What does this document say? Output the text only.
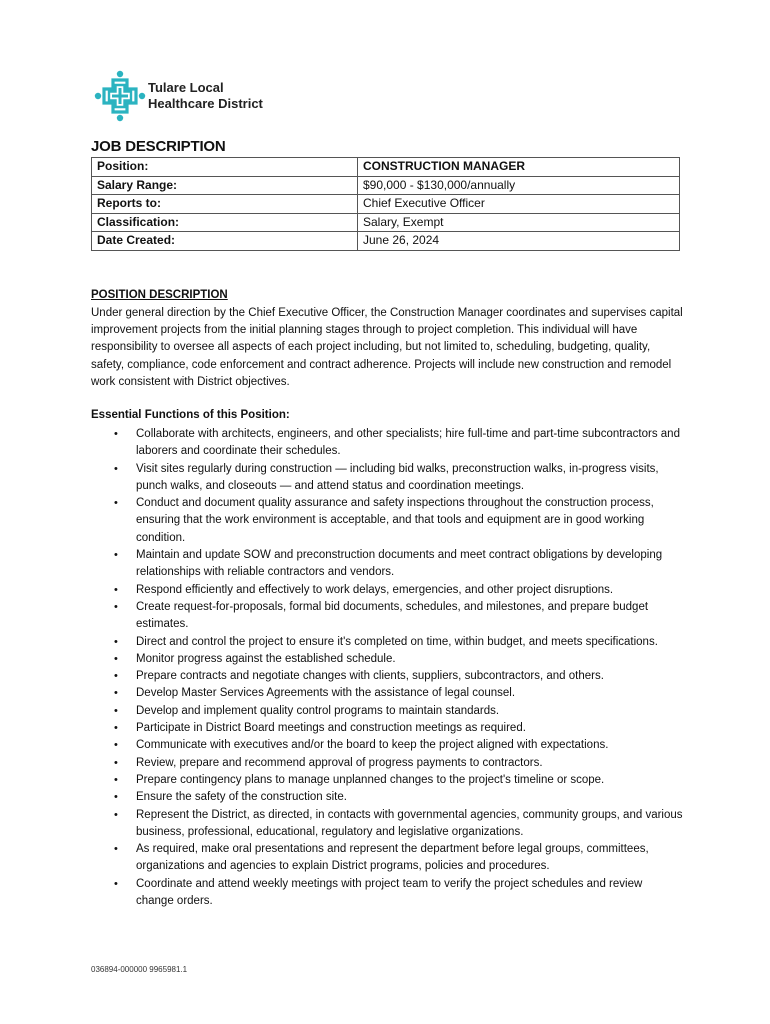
Tulare Local
Healthcare District
JOB DESCRIPTION
Position:	CONSTRUCTION MANAGER
Salary Range:	$90,000 - $130,000/annually
Reports to:	Chief Executive Officer
Classification:	Salary, Exempt
Date Created:	June 26, 2024
POSITION DESCRIPTION
Under general direction by the Chief Executive Officer, the Construction Manager coordinates and supervises capital improvement projects from the initial planning stages through to project completion. This individual will have responsibility to oversee all aspects of each project including, but not limited to, scheduling, budgeting, quality, safety, compliance, code enforcement and contract adherence. Projects will include new construction and remodel work consistent with District objectives.
Essential Functions of this Position:
• Collaborate with architects, engineers, and other specialists; hire full-time and part-time subcontractors and laborers and coordinate their schedules.
• Visit sites regularly during construction — including bid walks, preconstruction walks, in-progress visits, punch walks, and closeouts — and attend status and coordination meetings.
• Conduct and document quality assurance and safety inspections throughout the construction process, ensuring that the work environment is acceptable, and that tools and equipment are in good working condition.
• Maintain and update SOW and preconstruction documents and meet contract obligations by developing relationships with reliable contractors and vendors.
• Respond efficiently and effectively to work delays, emergencies, and other project disruptions.
• Create request-for-proposals, formal bid documents, schedules, and milestones, and prepare budget estimates.
• Direct and control the project to ensure it's completed on time, within budget, and meets specifications.
• Monitor progress against the established schedule.
• Prepare contracts and negotiate changes with clients, suppliers, subcontractors, and others.
• Develop Master Services Agreements with the assistance of legal counsel.
• Develop and implement quality control programs to maintain standards.
• Participate in District Board meetings and construction meetings as required.
• Communicate with executives and/or the board to keep the project aligned with expectations.
• Review, prepare and recommend approval of progress payments to contractors.
• Prepare contingency plans to manage unplanned changes to the project's timeline or scope.
• Ensure the safety of the construction site.
• Represent the District, as directed, in contacts with governmental agencies, community groups, and various business, professional, educational, regulatory and legislative organizations.
• As required, make oral presentations and represent the department before legal groups, committees, organizations and agencies to explain District programs, policies and procedures.
• Coordinate and attend weekly meetings with project team to verify the project schedules and review change orders.
036894-000000 9965981.1
